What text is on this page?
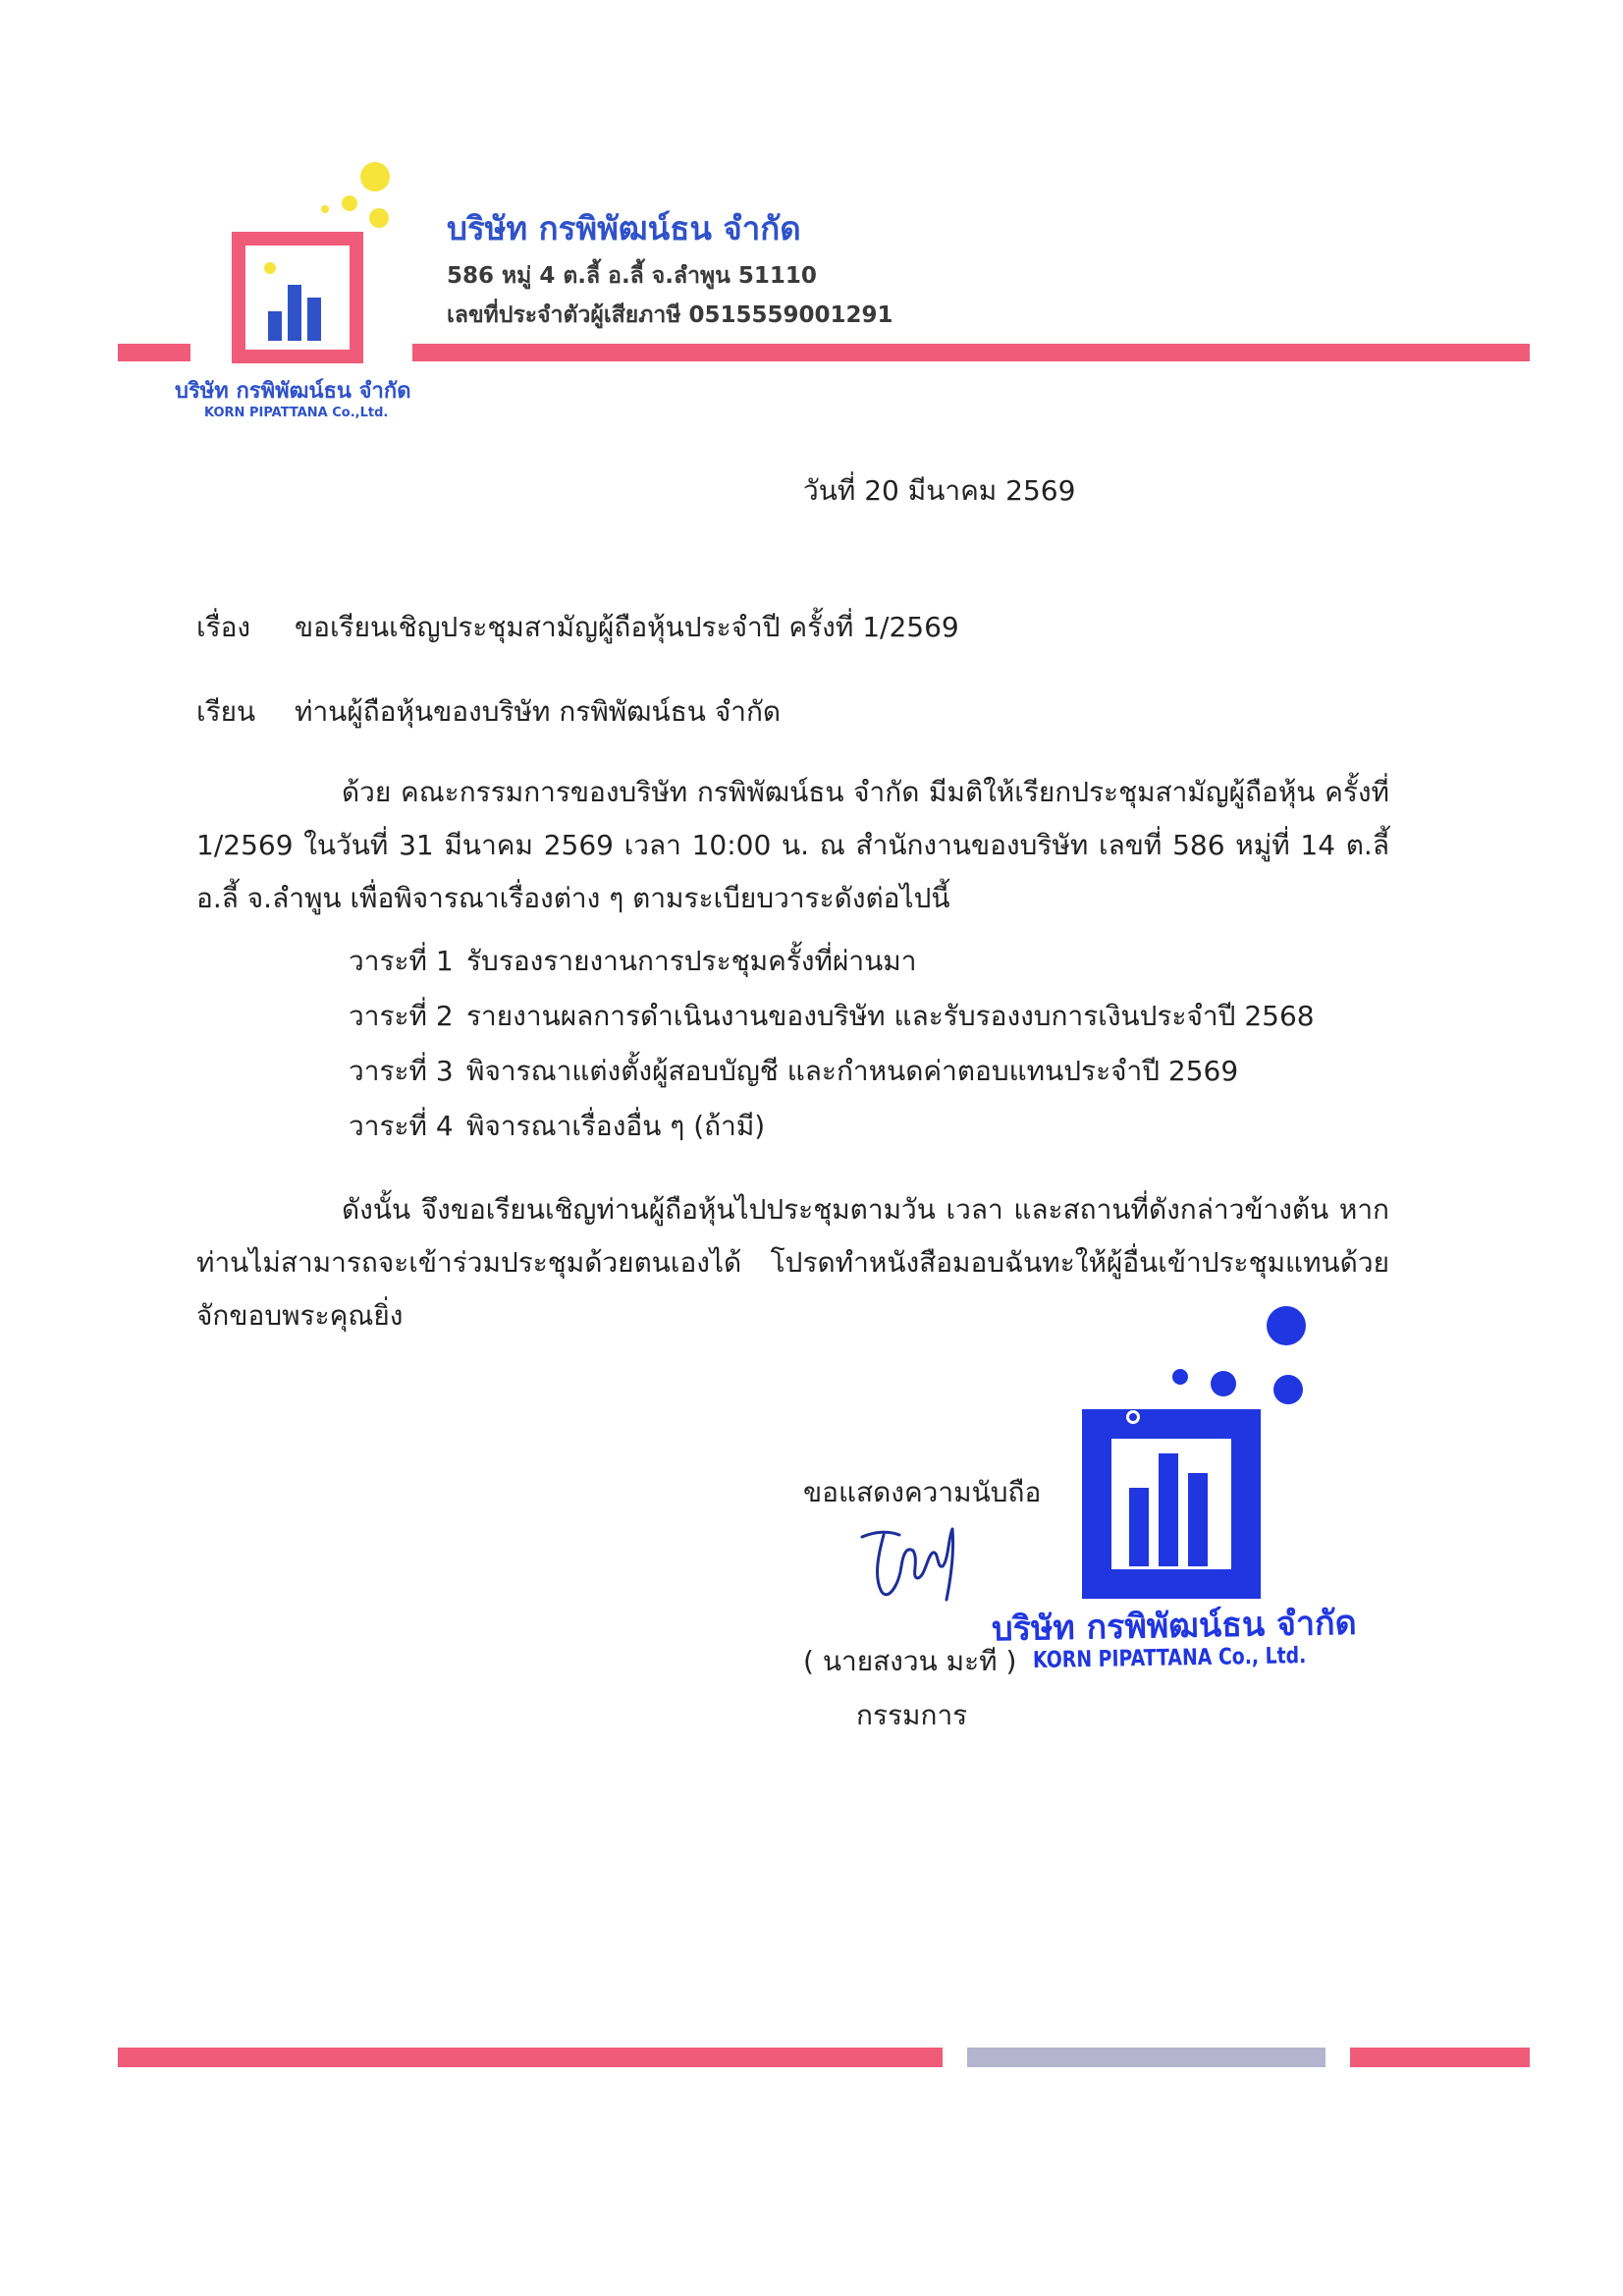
บริษัท กรพิพัฒน์ธน จำกัด
586 หมู่ 4 ต.ลี้ อ.ลี้ จ.ลำพูน 51110
เลขที่ประจำตัวผู้เสียภาษี 0515559001291
บริษัท กรพิพัฒน์ธน จำกัด
KORN PIPATTANA Co.,Ltd.
วันที่ 20 มีนาคม 2569
เรื่อง ขอเรียนเชิญประชุมสามัญผู้ถือหุ้นประจำปี ครั้งที่ 1/2569
เรียน ท่านผู้ถือหุ้นของบริษัท กรพิพัฒน์ธน จำกัด
ด้วย คณะกรรมการของบริษัท กรพิพัฒน์ธน จำกัด มีมติให้เรียกประชุมสามัญผู้ถือหุ้น ครั้งที่ 1/2569 ในวันที่ 31 มีนาคม 2569 เวลา 10:00 น. ณ สำนักงานของบริษัท เลขที่ 586 หมู่ที่ 14 ต.ลี้ อ.ลี้ จ.ลำพูน เพื่อพิจารณาเรื่องต่าง ๆ ตามระเบียบวาระดังต่อไปนี้
วาระที่ 1 รับรองรายงานการประชุมครั้งที่ผ่านมา
วาระที่ 2 รายงานผลการดำเนินงานของบริษัท และรับรองงบการเงินประจำปี 2568
วาระที่ 3 พิจารณาแต่งตั้งผู้สอบบัญชี และกำหนดค่าตอบแทนประจำปี 2569
วาระที่ 4 พิจารณาเรื่องอื่น ๆ (ถ้ามี)
ดังนั้น จึงขอเรียนเชิญท่านผู้ถือหุ้นไปประชุมตามวัน เวลา และสถานที่ดังกล่าวข้างต้น หาก ท่านไม่สามารถจะเข้าร่วมประชุมด้วยตนเองได้ โปรดทำหนังสือมอบฉันทะให้ผู้อื่นเข้าประชุมแทนด้วย จักขอบพระคุณยิ่ง
ขอแสดงความนับถือ
( นายสงวน มะที )
กรรมการ
บริษัท กรพิพัฒน์ธน จำกัด
KORN PIPATTANA Co., Ltd.
